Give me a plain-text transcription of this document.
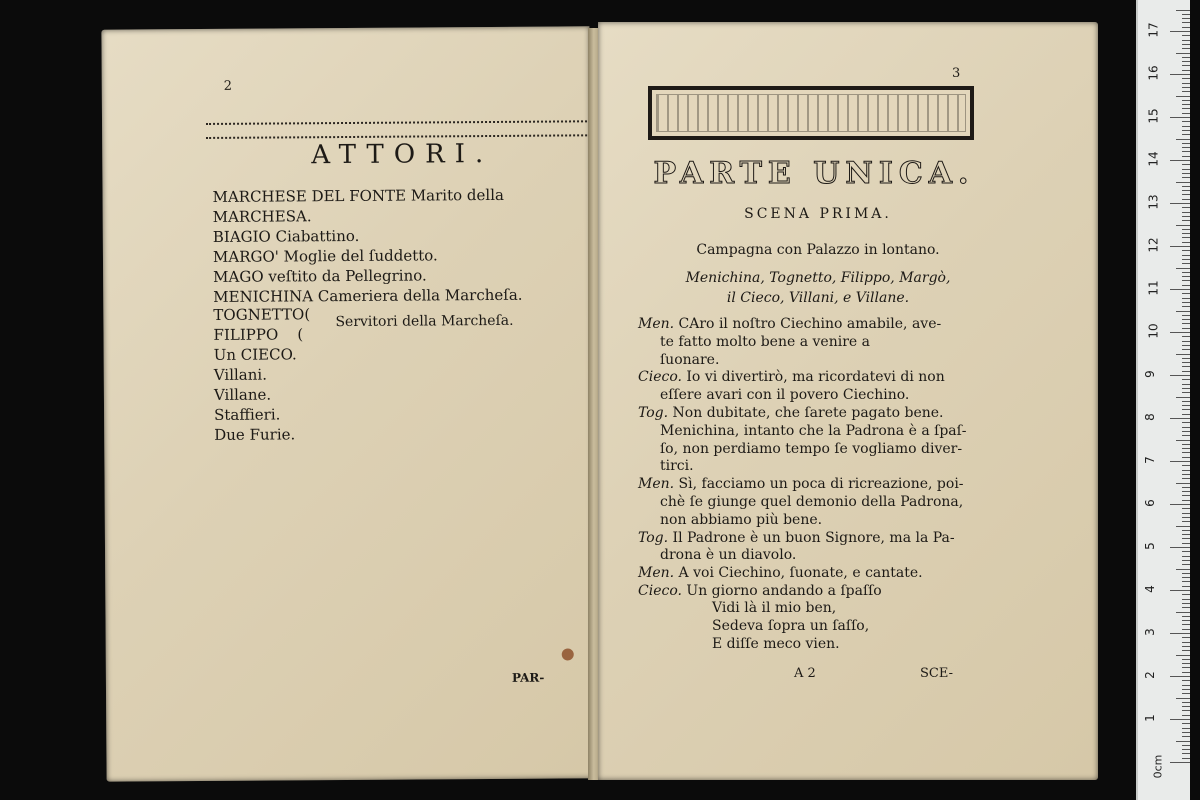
2
ATTORI.
MARCHESE DEL FONTE Marito della
MARCHESA.
BIAGIO Ciabattino.
MARGO' Moglie del ſuddetto.
MAGO veſtito da Pellegrino.
MENICHINA Cameriera della Marcheſa.
TOGNETTO(
FILIPPO    (
Un CIECO.
Villani.
Villane.
Staffieri.
Due Furie.
Servitori della Marcheſa.
PAR-
3
PARTE UNICA.
SCENA PRIMA.
Campagna con Palazzo in lontano.
Menichina, Tognetto, Filippo, Margò,
il Cieco, Villani, e Villane.
Men. CAro il noſtro Ciechino amabile, ave-
te fatto molto bene a venire a
ſuonare.
Cieco. Io vi divertirò, ma ricordatevi di non
eſſere avari con il povero Ciechino.
Tog. Non dubitate, che ſarete pagato bene.
Menichina, intanto che la Padrona è a ſpaſ-
ſo, non perdiamo tempo ſe vogliamo diver-
tirci.
Men. Sì, facciamo un poca di ricreazione, poi-
chè ſe giunge quel demonio della Padrona,
non abbiamo più bene.
Tog. Il Padrone è un buon Signore, ma la Pa-
drona è un diavolo.
Men. A voi Ciechino, ſuonate, e cantate.
Cieco. Un giorno andando a ſpaſſo
Vidi là il mio ben,
Sedeva ſopra un ſaſſo,
E diſſe meco vien.
A 2	SCE-
1
2
3
4
5
6
7
8
9
10
11
12
13
14
15
16
17
0cm
